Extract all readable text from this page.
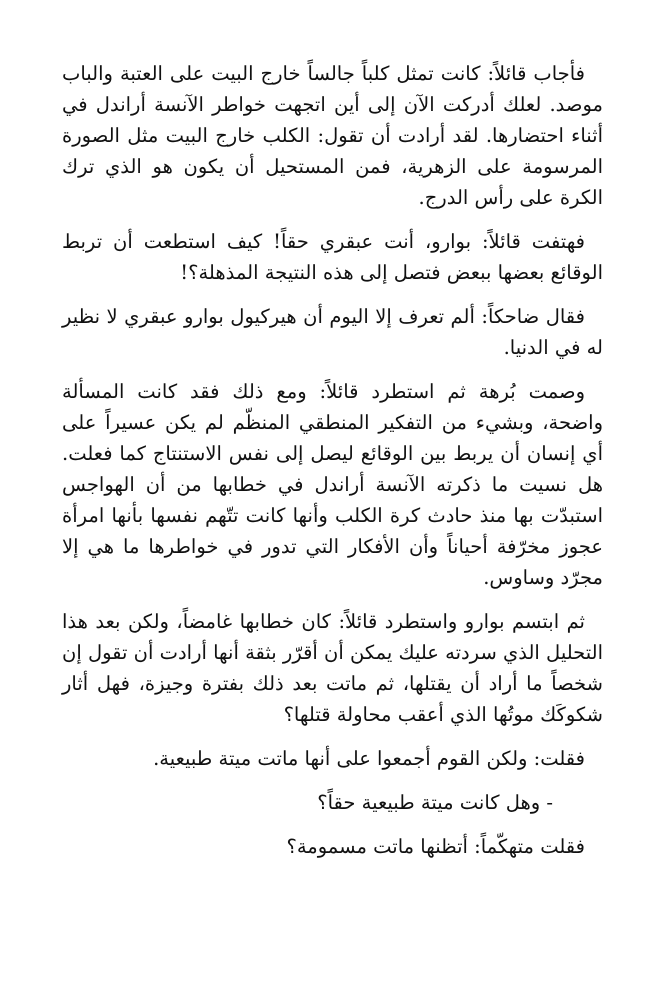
فأجاب قائلاً: كانت تمثل كلباً جالساً خارج البيت على العتبة والباب موصد. لعلك أدركت الآن إلى أين اتجهت خواطر الآنسة أراندل في أثناء احتضارها. لقد أرادت أن تقول: الكلب خارج البيت مثل الصورة المرسومة على الزهرية، فمن المستحيل أن يكون هو الذي ترك الكرة على رأس الدرج.

فهتفت قائلاً: بوارو، أنت عبقري حقاً! كيف استطعت أن تربط الوقائع بعضها ببعض فتصل إلى هذه النتيجة المذهلة؟!

فقال ضاحكاً: ألم تعرف إلا اليوم أن هيركيول بوارو عبقري لا نظير له في الدنيا.

وصمت بُرهة ثم استطرد قائلاً: ومع ذلك فقد كانت المسألة واضحة، وبشيء من التفكير المنطقي المنظّم لم يكن عسيراً على أي إنسان أن يربط بين الوقائع ليصل إلى نفس الاستنتاج كما فعلت. هل نسيت ما ذكرته الآنسة أراندل في خطابها من أن الهواجس استبدّت بها منذ حادث كرة الكلب وأنها كانت تتّهم نفسها بأنها امرأة عجوز مخرّفة أحياناً وأن الأفكار التي تدور في خواطرها ما هي إلا مجرّد وساوس.

ثم ابتسم بوارو واستطرد قائلاً: كان خطابها غامضاً، ولكن بعد هذا التحليل الذي سردته عليك يمكن أن أقرّر بثقة أنها أرادت أن تقول إن شخصاً ما أراد أن يقتلها، ثم ماتت بعد ذلك بفترة وجيزة، فهل أثار شكوكَك موتُها الذي أعقب محاولة قتلها؟

فقلت: ولكن القوم أجمعوا على أنها ماتت ميتة طبيعية.

- وهل كانت ميتة طبيعية حقاً؟

فقلت متهكّماً: أتظنها ماتت مسمومة؟
